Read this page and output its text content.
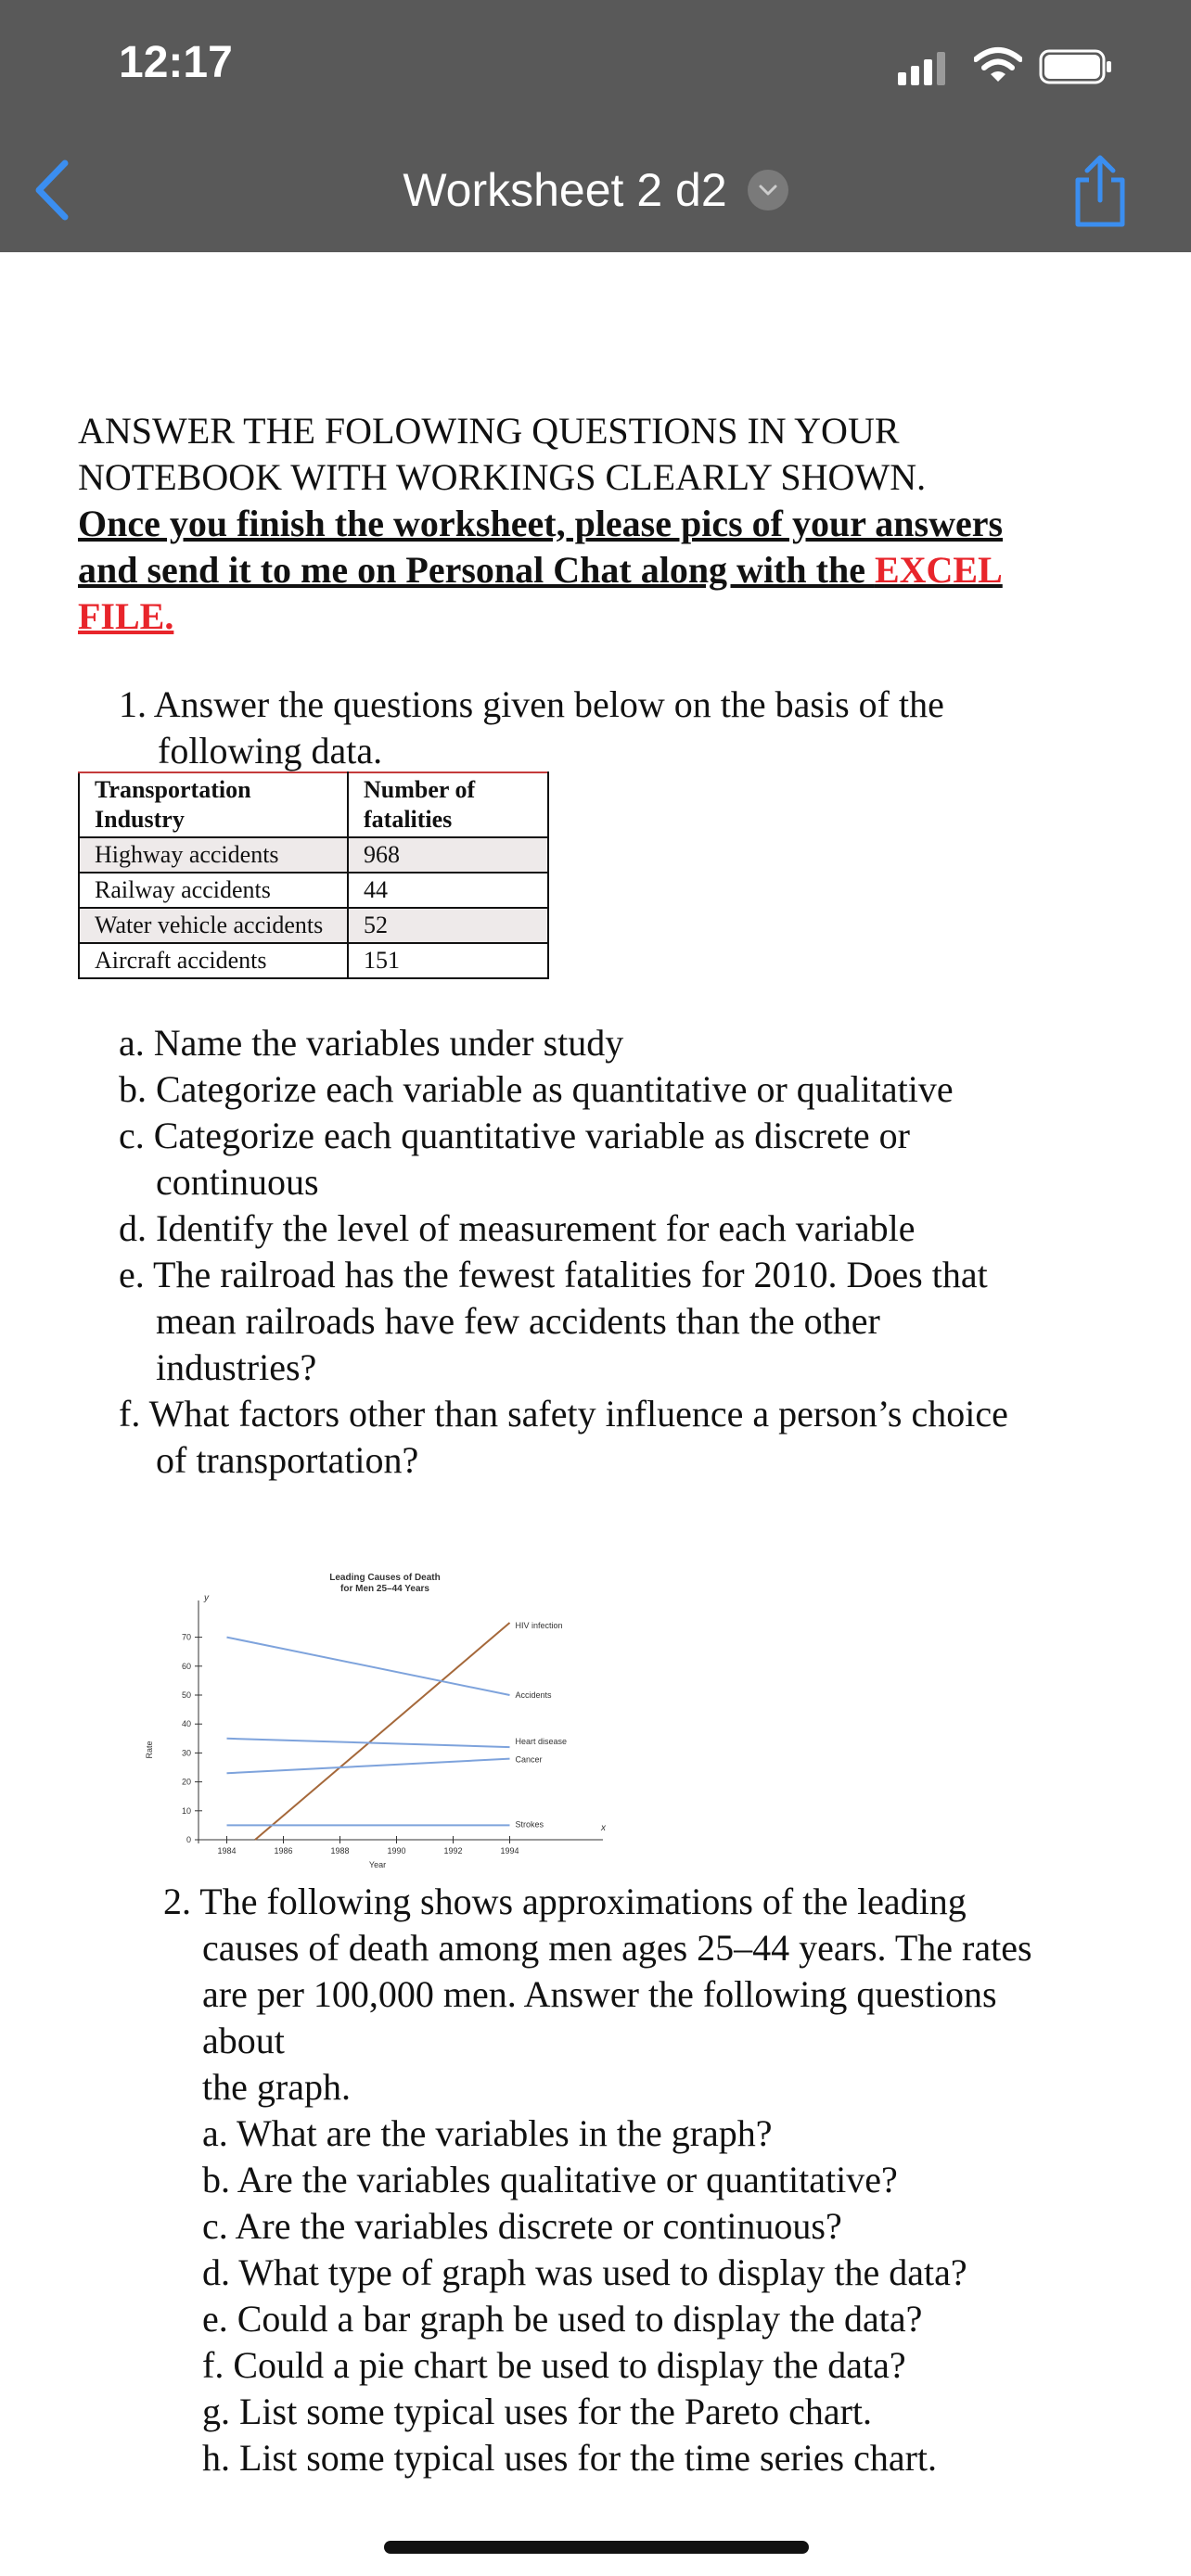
12:17
Worksheet 2 d2

ANSWER THE FOLOWING QUESTIONS IN YOUR

NOTEBOOK WITH WORKINGS CLEARLY SHOWN.

Once you finish the worksheet, please pics of your answers

and send it to me on Personal Chat along with the EXCEL

FILE.

1. Answer the questions given below on the basis of the

following data.

Transportation Industry	Number of fatalities
Highway accidents	968
Railway accidents	44
Water vehicle accidents	52
Aircraft accidents	151

a. Name the variables under study

b. Categorize each variable as quantitative or qualitative

c. Categorize each quantitative variable as discrete or

continuous

d. Identify the level of measurement for each variable

e. The railroad has the fewest fatalities for 2010. Does that

mean railroads have few accidents than the other

industries?

f. What factors other than safety influence a person’s choice

of transportation?

Leading Causes of Death
for Men 25–44 Years
y
x
0
10
20
30
40
50
60
70
1984	1986	1988	1990	1992	1994
Year
Rate
HIV infection
Accidents
Heart disease
Cancer
Strokes

2. The following shows approximations of the leading

causes of death among men ages 25–44 years. The rates

are per 100,000 men. Answer the following questions

about

the graph.

a. What are the variables in the graph?

b. Are the variables qualitative or quantitative?

c. Are the variables discrete or continuous?

d. What type of graph was used to display the data?

e. Could a bar graph be used to display the data?

f. Could a pie chart be used to display the data?

g. List some typical uses for the Pareto chart.

h. List some typical uses for the time series chart.
